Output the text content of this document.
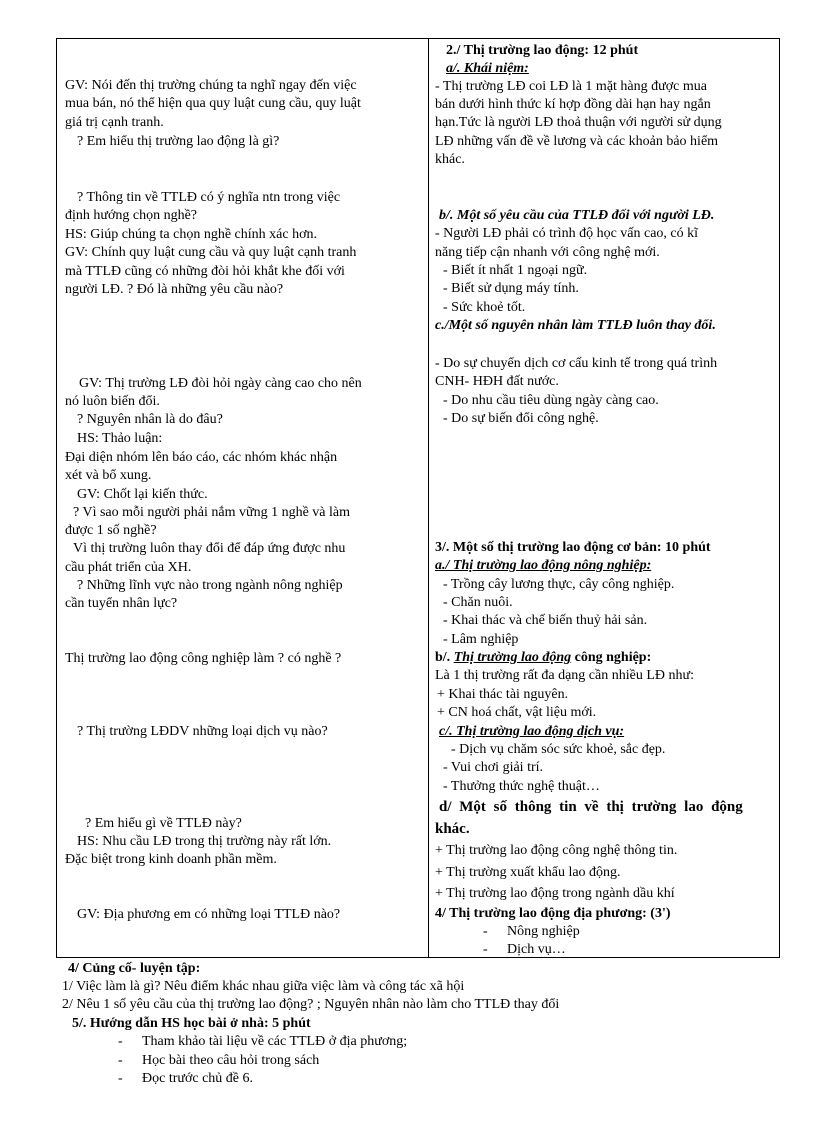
GV: Nói đến thị trường chúng ta nghĩ ngay đến việc
mua bán, nó thể hiện qua quy luật cung cầu, quy luật
giá trị cạnh tranh.
? Em hiểu thị trường lao động là gì?
? Thông tin về TTLĐ có ý nghĩa ntn trong việc
định hướng chọn nghề?
HS: Giúp chúng ta chọn nghề chính xác hơn.
GV: Chính quy luật cung cầu và quy luật cạnh tranh
mà TTLĐ cũng có những đòi hỏi khắt khe đối với
người LĐ. ? Đó là những yêu cầu nào?
GV: Thị trường LĐ đòi hỏi ngày càng cao cho nên
nó luôn biến đổi.
? Nguyên nhân là do đâu?
HS: Thảo luận:
Đại diện nhóm lên báo cáo, các nhóm khác nhận
xét và bổ xung.
GV: Chốt lại kiến thức.
? Vì sao mỗi người phải nắm vững 1 nghề và làm
được 1 số nghề?
Vì thị trường luôn thay đổi để đáp ứng được nhu
cầu phát triển của XH.
? Những lĩnh vực nào trong ngành nông nghiệp
cần tuyển nhân lực?
Thị trường lao động công nghiệp làm ? có nghề ?
? Thị trường LĐDV những loại dịch vụ nào?
? Em hiểu gì về TTLĐ này?
HS: Nhu cầu LĐ trong thị trường này rất lớn.
Đặc biệt trong kinh doanh phần mềm.
GV: Địa phương em có những loại TTLĐ nào?
2./ Thị trường lao động: 12 phút
a/. Khái niệm:
- Thị trường LĐ coi LĐ là 1 mặt hàng được mua
bán dưới hình thức kí hợp đồng dài hạn hay ngắn
hạn.Tức là người LĐ thoả thuận với người sử dụng
LĐ những vấn đề về lương và các khoản bảo hiểm
khác.
b/. Một số yêu cầu của TTLĐ đối với người LĐ.
- Người LĐ phải có trình độ học vấn cao, có kĩ
năng tiếp cận nhanh với công nghệ mới.
- Biết ít nhất 1 ngoại ngữ.
- Biết sử dụng máy tính.
- Sức khoẻ tốt.
c./Một số nguyên nhân làm TTLĐ luôn thay đổi.
- Do sự chuyển dịch cơ cấu kinh tế trong quá trình
CNH- HĐH đất nước.
- Do nhu cầu tiêu dùng ngày càng cao.
- Do sự biến đổi công nghệ.
3/. Một số thị trường lao động cơ bản: 10 phút
a./ Thị trường lao động nông nghiệp:
- Trồng cây lương thực, cây công nghiệp.
- Chăn nuôi.
- Khai thác và chế biến thuỷ hải sản.
- Lâm nghiệp
b/. Thị trường lao động công nghiệp:
Là 1 thị trường rất đa dạng cần nhiều LĐ như:
+ Khai thác tài nguyên.
+ CN hoá chất, vật liệu mới.
c/. Thị trường lao động dịch vụ:
- Dịch vụ chăm sóc sức khoẻ, sắc đẹp.
- Vui chơi giải trí.
- Thưởng thức nghệ thuật…
d/ Một số thông tin về thị trường lao động
khác.
+ Thị trường lao động công nghệ thông tin.
+ Thị trường xuất khẩu lao động.
+ Thị trường lao động trong ngành dầu khí
4/ Thị trường lao động địa phương: (3')
- Nông nghiệp
- Dịch vụ…
4/ Củng cố- luyện tập:
1/ Việc làm là gì? Nêu điểm khác nhau giữa việc làm và công tác xã hội
2/ Nêu 1 số yêu cầu của thị trường lao động? ; Nguyên nhân nào làm cho TTLĐ thay đổi
5/. Hướng dẫn HS học bài ở nhà: 5 phút
- Tham khảo tài liệu về các TTLĐ ở địa phương;
- Học bài theo câu hỏi trong sách
- Đọc trước chủ đề 6.
